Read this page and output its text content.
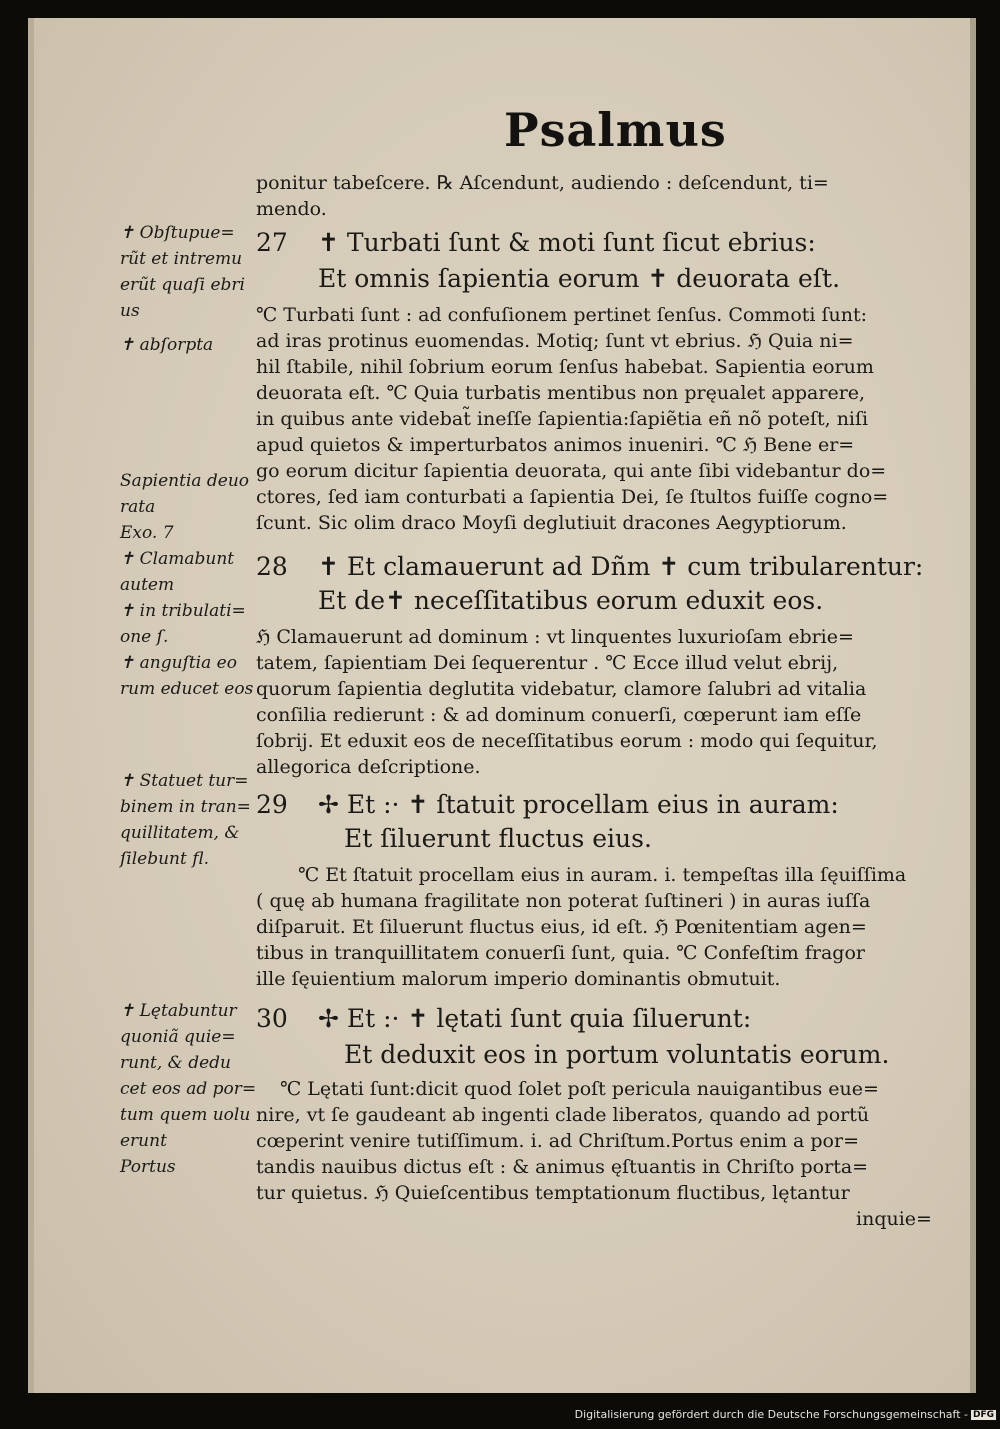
Psalmus
✝ Obſtupue=
rũt et intremu
erũt quaſi ebri
us
✝ abſorpta
Sapientia deuo
rata
Exo. 7
✝ Clamabunt
autem
✝ in tribulati=
one ſ.
✝ anguſtia eo
rum educet eos
✝ Statuet tur=
binem in tran=
quillitatem, &
ſilebunt fl.
✝ Lętabuntur
quoniã quie=
runt, & dedu
cet eos ad por=
tum quem uolu
erunt
Portus
ponitur tabeſcere. ℞ Aſcendunt, audiendo : deſcendunt, ti=
mendo.
27 ✝ Turbati ſunt & moti ſunt ſicut ebrius:
Et omnis ſapientia eorum ✝ deuorata eſt.
℃ Turbati ſunt : ad confuſionem pertinet ſenſus. Commoti ſunt:
ad iras protinus euomendas. Motiq; ſunt vt ebrius. ℌ Quia ni=
hil ſtabile, nihil ſobrium eorum ſenſus habebat. Sapientia eorum
deuorata eſt. ℃ Quia turbatis mentibus non pręualet apparere,
in quibus ante videbat̃ ineſſe ſapientia:ſapiẽtia eñ nõ poteſt, niſi
apud quietos & imperturbatos animos inueniri. ℃ ℌ Bene er=
go eorum dicitur ſapientia deuorata, qui ante ſibi videbantur do=
ctores, ſed iam conturbati a ſapientia Dei, ſe ſtultos fuiſſe cogno=
ſcunt. Sic olim draco Moyſi deglutiuit dracones Aegyptiorum.
28 ✝ Et clamauerunt ad Dñm ✝ cum tribularentur:
Et de✝ neceſſitatibus eorum eduxit eos.
ℌ Clamauerunt ad dominum : vt linquentes luxurioſam ebrie=
tatem, ſapientiam Dei ſequerentur . ℃ Ecce illud velut ebrij,
quorum ſapientia deglutita videbatur, clamore ſalubri ad vitalia
conſilia redierunt : & ad dominum conuerſi, cœperunt iam eſſe
ſobrij. Et eduxit eos de neceſſitatibus eorum : modo qui ſequitur,
allegorica deſcriptione.
29 ✢ Et :· ✝ ſtatuit procellam eius in auram:
Et ſiluerunt fluctus eius.
℃ Et ſtatuit procellam eius in auram. i. tempeſtas illa ſęuiſſima
( quę ab humana fragilitate non poterat ſuſtineri ) in auras iuſſa
diſparuit. Et ſiluerunt fluctus eius, id eſt. ℌ Pœnitentiam agen=
tibus in tranquillitatem conuerſi ſunt, quia. ℃ Confeſtim fragor
ille ſęuientium malorum imperio dominantis obmutuit.
30 ✢ Et :· ✝ lętati ſunt quia ſiluerunt:
Et deduxit eos in portum voluntatis eorum.
℃ Lętati ſunt:dicit quod ſolet poſt pericula nauigantibus eue=
nire, vt ſe gaudeant ab ingenti clade liberatos, quando ad portũ
cœperint venire tutiſſimum. i. ad Chriſtum.Portus enim a por=
tandis nauibus dictus eſt : & animus ęſtuantis in Chriſto porta=
tur quietus. ℌ Quieſcentibus temptationum fluctibus, lętantur
inquie=
Digitalisierung gefördert durch die Deutsche Forschungsgemeinschaft - DFG
